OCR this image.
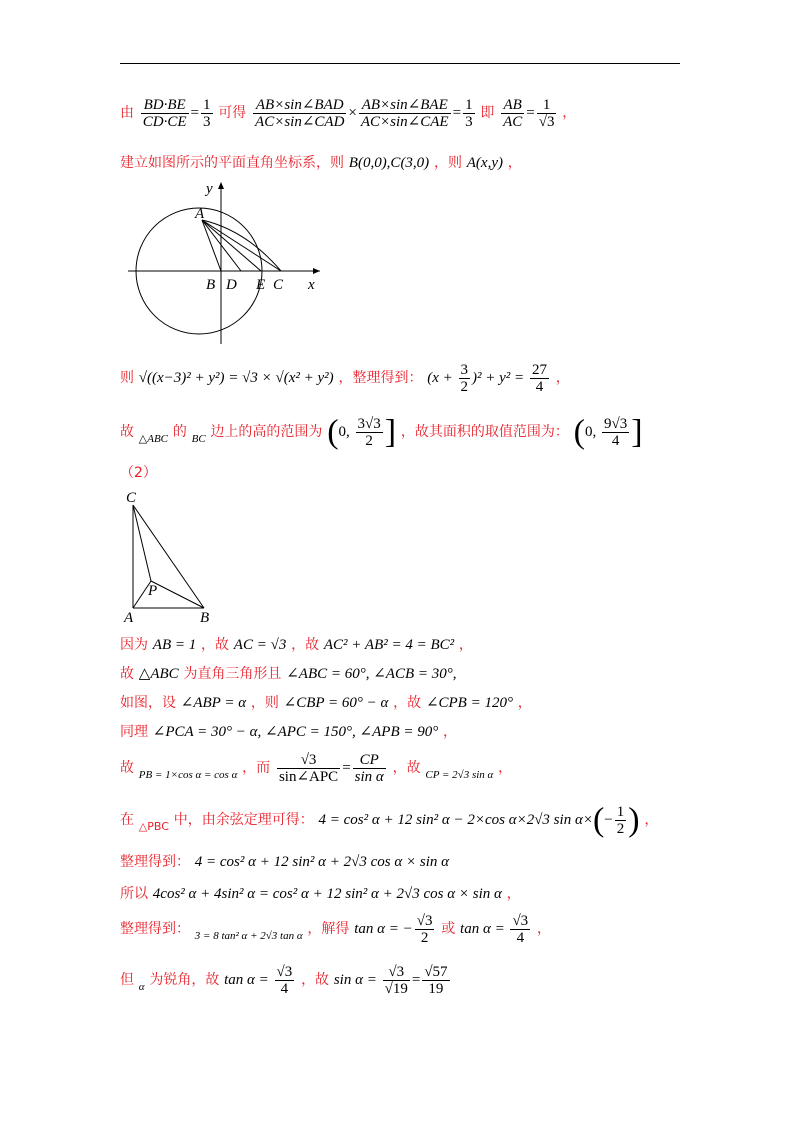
由 $\frac{BD\cdot BE}{CD\cdot CE} = \frac{1}{3}$ 可得 $\frac{\text{AB×sin∠BAD}}{\text{AC×sin∠CAD}} \times \frac{\text{AB×sin∠BAE}}{\text{AC×sin∠CAE}} = \frac{1}{3}$ 即 $\frac{AB}{AC} = \frac{1}{√3}$ ，
建立如图所示的平面直角坐标系，则 B(0,0),C(3,0) ，则 A(x,y) ，
y
A
B D E C x
则 √((x−3)² + y²) = √3 × √(x² + y²) ，整理得到： $(x + \frac{3}{2} )^2 + y^2 = \frac{27}{4}$ ，
故 $_{\triangle ABC}$ 的 $_{BC}$ 边上的高的范围为 (0, $\frac{3√3}{2}$ ] ，故其面积的取值范围为： (0, $\frac{9√3}{4}$ ]
（2）
C
P
A	B
因为 AB = 1 ，故 AC = √3 ，故 AC² + AB² = 4 = BC² ，
故 △ABC 为直角三角形且 ∠ABC = 60°, ∠ACB = 30°,
如图，设 ∠ABP = α ，则 ∠CBP = 60° − α ，故 ∠CPB = 120° ，
同理 ∠PCA = 30° − α, ∠APC = 150°, ∠APB = 90° ，
故 $_{PB = 1\times cos \alpha = cos \alpha}$ ，而 $\frac{√3}{\text{sin∠APC}} = \frac{CP}{\text{sin α}}$ ，故 $_{CP = 2√3 sin \alpha}$ ，
在 $_{\triangle PBC}$ 中，由余弦定理可得： 4 = cos² α + 12 sin² α − 2×cos α×2√3 $\sin \alpha\times(- \frac{1}{2}$ ) ，
整理得到： 4 = cos² α + 12 sin² α + 2√3 cos α × sin α
所以 4cos² α + 4sin² α = cos² α + 12 sin² α + 2√3 cos α × sin α ，
整理得到： $_{3 = 8 tan^2 \alpha + 2√3 tan \alpha}$ ，解得 tan α = − $\frac{√3}{2}$ 或 $\tan \alpha = \frac{√3}{4}$ ，
但 $_\alpha$ 为锐角，故 $\tan \alpha = \frac{√3}{4}$ ，故 $\sin \alpha = \frac{√3}{√19} = \frac{√57}{19}$
